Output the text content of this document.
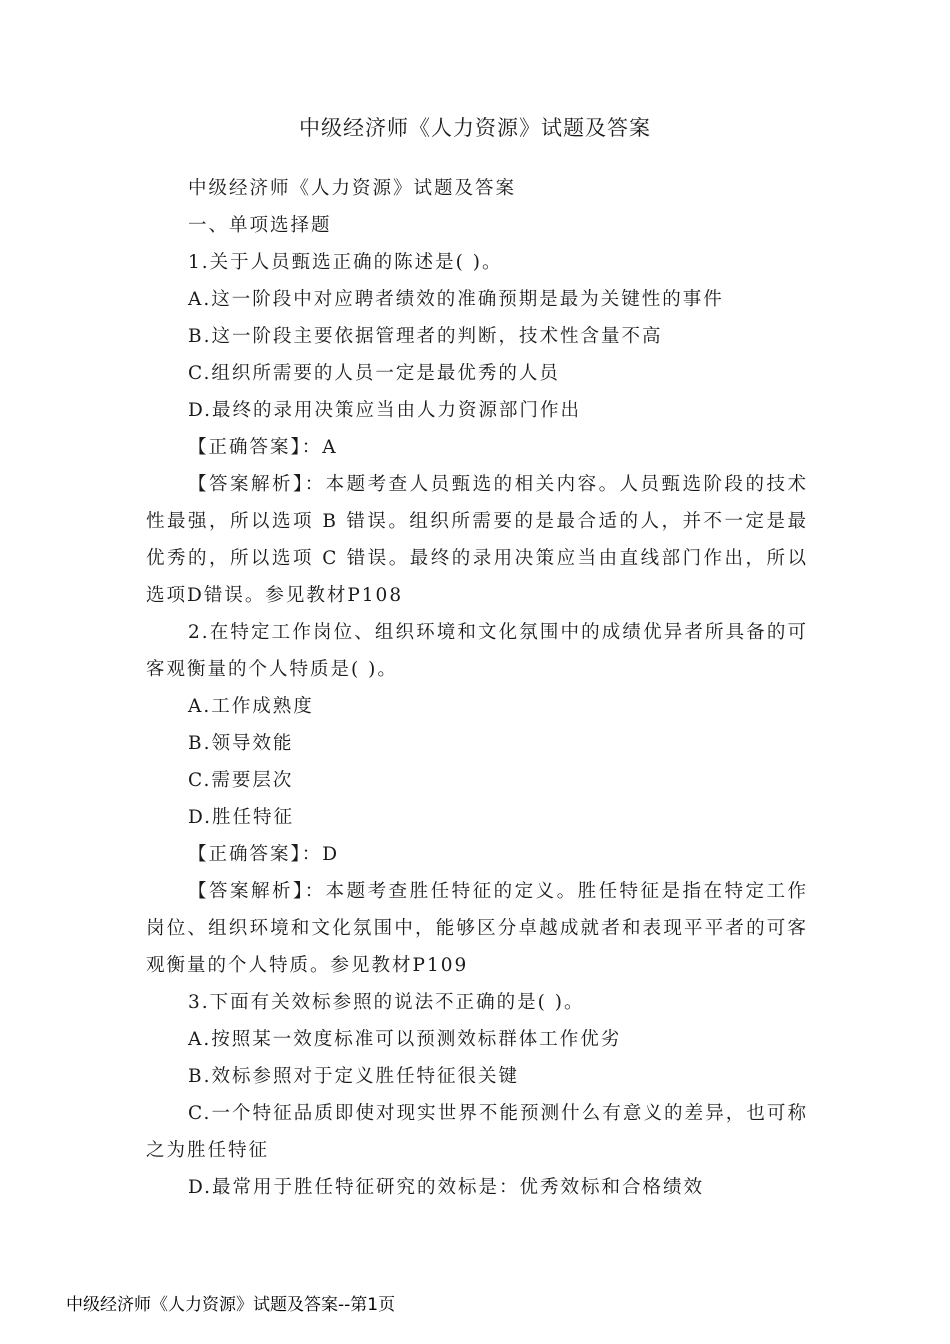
中级经济师《人力资源》试题及答案

中级经济师《人力资源》试题及答案

一、单项选择题

1.关于人员甄选正确的陈述是( )。

A.这一阶段中对应聘者绩效的准确预期是最为关键性的事件

B.这一阶段主要依据管理者的判断，技术性含量不高

C.组织所需要的人员一定是最优秀的人员

D.最终的录用决策应当由人力资源部门作出

【正确答案】：A

【答案解析】：本题考查人员甄选的相关内容。人员甄选阶段的技术性最强，所以选项 B 错误。组织所需要的是最合适的人，并不一定是最优秀的，所以选项 C 错误。最终的录用决策应当由直线部门作出，所以选项D错误。参见教材P108

2.在特定工作岗位、组织环境和文化氛围中的成绩优异者所具备的可客观衡量的个人特质是( )。

A.工作成熟度

B.领导效能

C.需要层次

D.胜任特征

【正确答案】：D

【答案解析】：本题考查胜任特征的定义。胜任特征是指在特定工作岗位、组织环境和文化氛围中，能够区分卓越成就者和表现平平者的可客观衡量的个人特质。参见教材P109

3.下面有关效标参照的说法不正确的是( )。

A.按照某一效度标准可以预测效标群体工作优劣

B.效标参照对于定义胜任特征很关键

C.一个特征品质即使对现实世界不能预测什么有意义的差异，也可称之为胜任特征

D.最常用于胜任特征研究的效标是：优秀效标和合格绩效

中级经济师《人力资源》试题及答案--第1页
